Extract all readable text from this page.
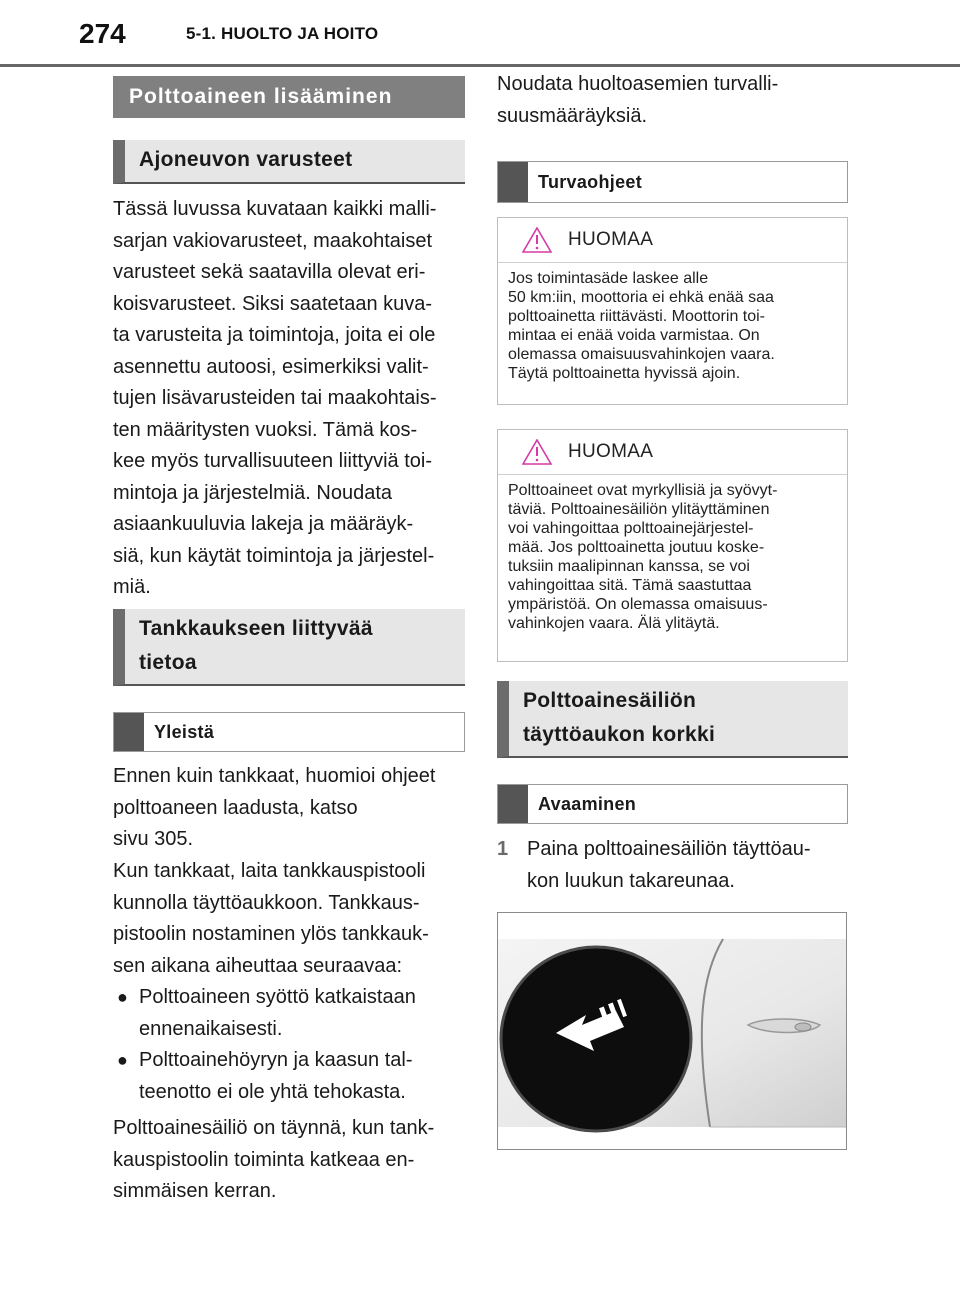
274	5-1. HUOLTO JA HOITO
Polttoaineen lisääminen
Ajoneuvon varusteet

Tässä luvussa kuvataan kaikki malli-

sarjan vakiovarusteet, maakohtaiset

varusteet sekä saatavilla olevat eri-

koisvarusteet. Siksi saatetaan kuva-

ta varusteita ja toimintoja, joita ei ole

asennettu autoosi, esimerkiksi valit-

tujen lisävarusteiden tai maakohtais-

ten määritysten vuoksi. Tämä kos-

kee myös turvallisuuteen liittyviä toi-

mintoja ja järjestelmiä. Noudata

asiaankuuluvia lakeja ja määräyk-

siä, kun käytät toimintoja ja järjestel-

miä.

Tankkaukseen liittyvää
tietoa
Yleistä

Ennen kuin tankkaat, huomioi ohjeet

polttoaneen laadusta, katso

sivu 305.

Kun tankkaat, laita tankkauspistooli

kunnolla täyttöaukkoon. Tankkaus-

pistoolin nostaminen ylös tankkauk-

sen aikana aiheuttaa seuraavaa:

● Polttoaineen syöttö katkaistaan

ennenaikaisesti.

● Polttoainehöyryn ja kaasun tal-

teenotto ei ole yhtä tehokasta.

Polttoainesäiliö on täynnä, kun tank-

kauspistoolin toiminta katkeaa en-

simmäisen kerran.

Noudata huoltoasemien turvalli-

suusmääräyksiä.

Turvaohjeet
HUOMAA
Jos toimintasäde laskee alle
50 km:iin, moottoria ei ehkä enää saa
polttoainetta riittävästi. Moottorin toi-
mintaa ei enää voida varmistaa. On
olemassa omaisuusvahinkojen vaara.
Täytä polttoainetta hyvissä ajoin.
HUOMAA
Polttoaineet ovat myrkyllisiä ja syövyt-
täviä. Polttoainesäiliön ylitäyttäminen
voi vahingoittaa polttoainejärjestel-
mää. Jos polttoainetta joutuu koske-
tuksiin maalipinnan kanssa, se voi
vahingoittaa sitä. Tämä saastuttaa
ympäristöä. On olemassa omaisuus-
vahinkojen vaara. Älä ylitäytä.
Polttoainesäiliön
täyttöaukon korkki
Avaaminen
1 Paina polttoainesäiliön täyttöau-

kon luukun takareunaa.
